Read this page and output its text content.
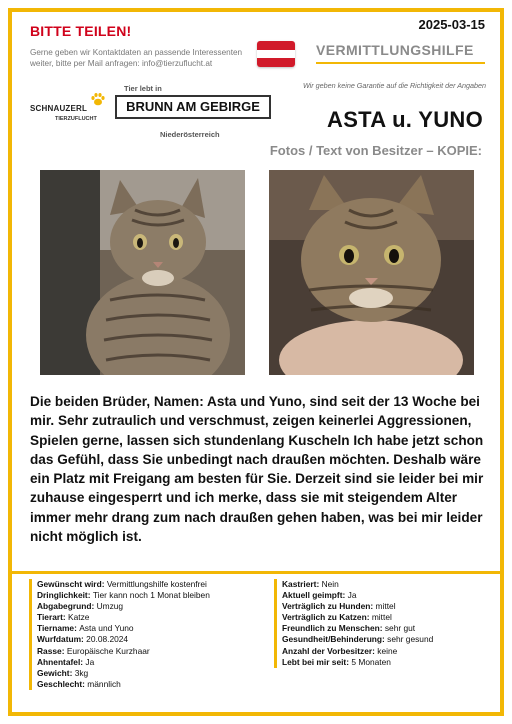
BITTE TEILEN!
Gerne geben wir Kontaktdaten an passende Interessenten weiter, bitte per Mail anfragen: info@tierzuflucht.at
2025-03-15
VERMITTLUNGSHILFE
Wir geben keine Garantie auf die Richtigkeit der Angaben
SCHNAUZERL
TIERZUFLUCHT
Tier lebt in
BRUNN AM GEBIRGE
Niederösterreich
ASTA u. YUNO
Fotos / Text von Besitzer – KOPIE:
Die beiden Brüder, Namen: Asta und Yuno, sind seit der 13 Woche bei mir. Sehr zutraulich und verschmust, zeigen keinerlei Aggressionen, Spielen gerne, lassen sich stundenlang Kuscheln Ich habe jetzt schon das Gefühl, dass Sie unbedingt nach draußen möchten. Deshalb wäre ein Platz mit Freigang am besten für Sie. Derzeit sind sie leider bei mir zuhause eingesperrt und ich merke, dass sie mit steigendem Alter immer mehr drang zum nach draußen gehen haben, was bei mir leider nicht möglich ist.
Gewünscht wird : Vermittlungshilfe kostenfrei
Dringlichkeit : Tier kann noch 1 Monat bleiben
Abgabegrund : Umzug
Tierart : Katze
Tiername : Asta und Yuno
Wurfdatum : 20.08.2024
Rasse : Europäische Kurzhaar
Ahnentafel : Ja
Gewicht : 3kg
Geschlecht : männlich
Kastriert : Nein
Aktuell geimpft : Ja
Verträglich zu Hunden : mittel
Verträglich zu Katzen : mittel
Freundlich zu Menschen : sehr gut
Gesundheit/Behinderung : sehr gesund
Anzahl der Vorbesitzer : keine
Lebt bei mir seit : 5 Monaten
